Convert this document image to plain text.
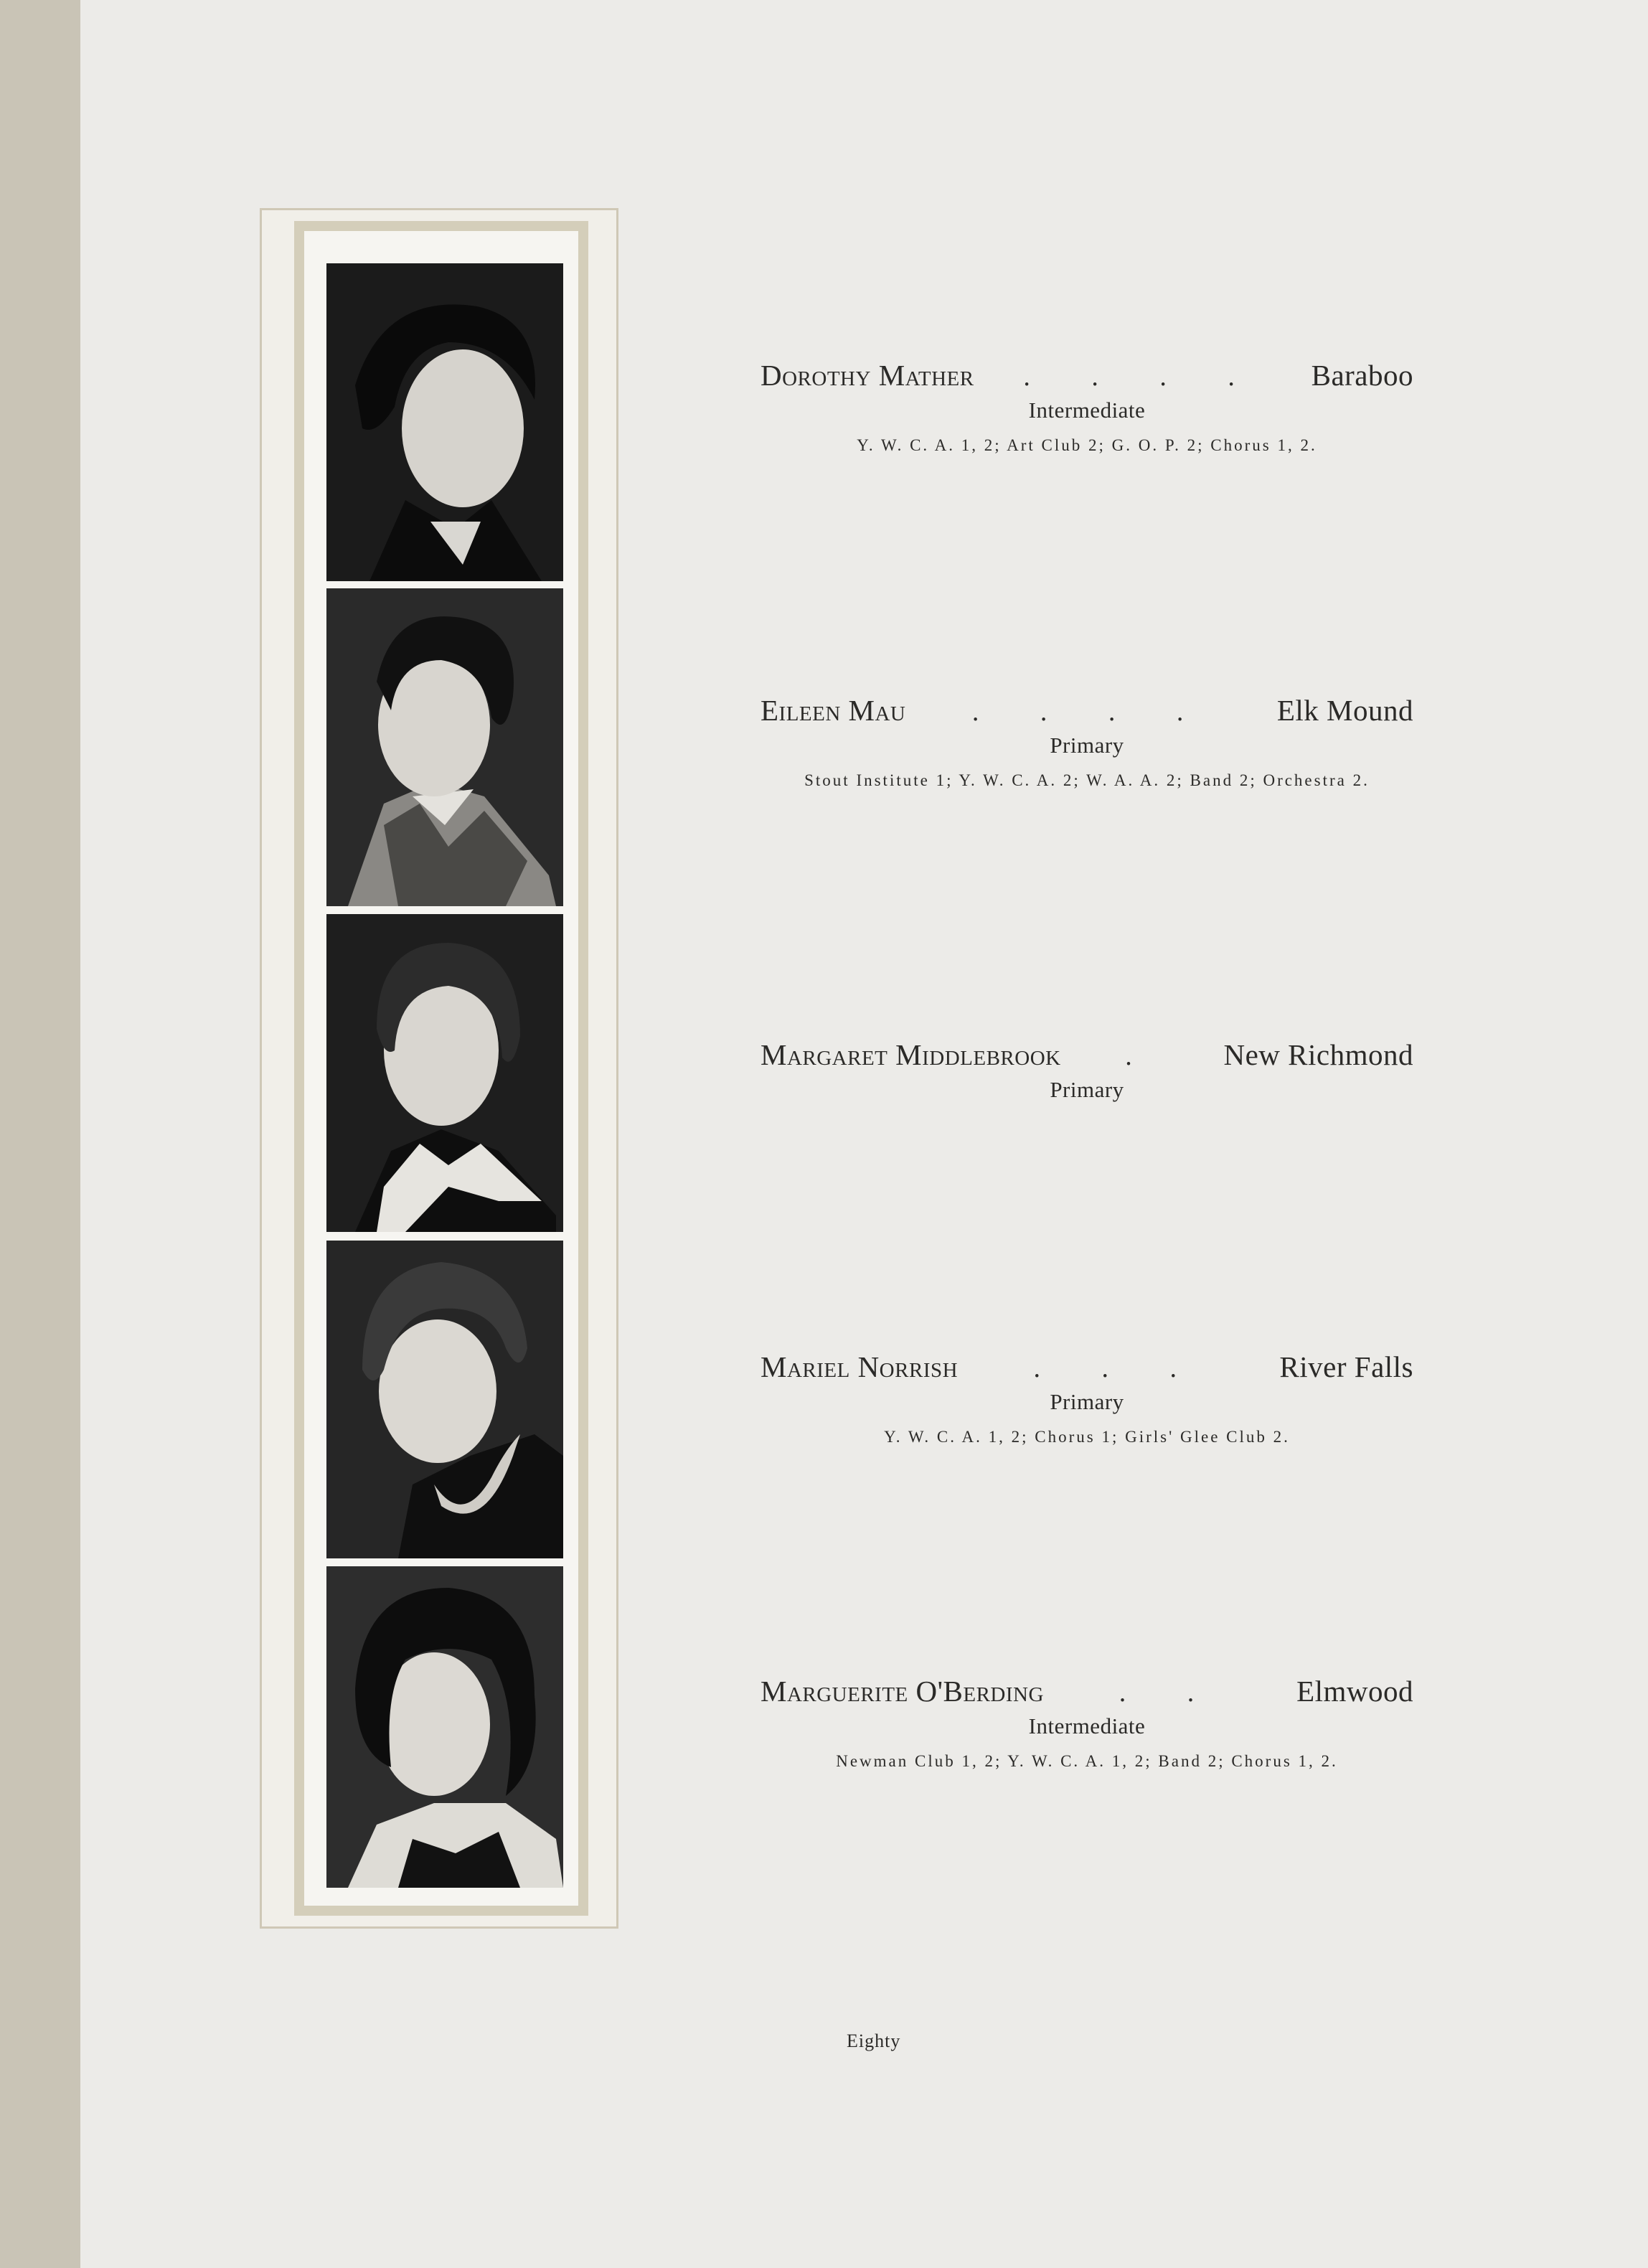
Dorothy Mather	. . . .	Baraboo
Intermediate
Y. W. C. A. 1, 2; Art Club 2; G. O. P. 2; Chorus 1, 2.
Eileen Mau	. . . .	Elk Mound
Primary
Stout Institute 1; Y. W. C. A. 2; W. A. A. 2; Band 2; Orchestra 2.
Margaret Middlebrook	.	New Richmond
Primary
Mariel Norrish	. . .	River Falls
Primary
Y. W. C. A. 1, 2; Chorus 1; Girls' Glee Club 2.
Marguerite O'Berding	. .	Elmwood
Intermediate
Newman Club 1, 2; Y. W. C. A. 1, 2; Band 2; Chorus 1, 2.
Eighty
